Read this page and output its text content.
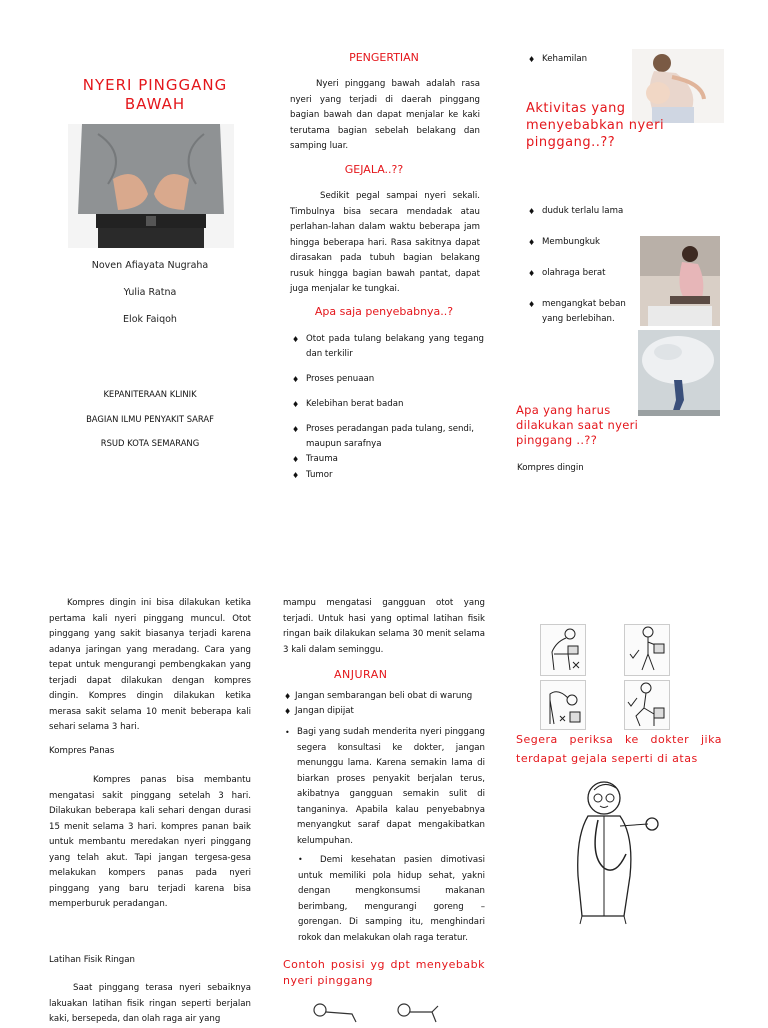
NYERI PINGGANG BAWAH
Noven Afiayata Nugraha
Yulia Ratna
Elok Faiqoh
KEPANITERAAN KLINIK
BAGIAN ILMU PENYAKIT SARAF
RSUD KOTA SEMARANG
PENGERTIAN

Nyeri pinggang bawah adalah rasa nyeri yang terjadi di daerah pinggang bagian bawah dan dapat menjalar ke kaki terutama bagian sebelah belakang dan samping luar.

GEJALA..??

Sedikit pegal sampai nyeri sekali. Timbulnya bisa secara mendadak atau perlahan-lahan dalam waktu beberapa jam hingga beberapa hari. Rasa sakitnya dapat dirasakan pada tubuh bagian belakang rusuk hingga bagian bawah pantat, dapat juga menjalar ke tungkai.

Apa saja penyebabnya..?
♦ Otot pada tulang belakang yang tegang dan terkilir
♦ Proses penuaan
♦ Kelebihan berat badan
♦ Proses peradangan pada tulang, sendi, maupun sarafnya
♦ Trauma
♦ Tumor
♦ Kehamilan
Aktivitas yang menyebabkan nyeri pinggang..??
♦ duduk terlalu lama
♦ Membungkuk
♦ olahraga berat
♦ mengangkat beban yang berlebihan.
Apa yang harus dilakukan saat nyeri pinggang ..??
Kompres dingin

Kompres dingin ini bisa dilakukan ketika pertama kali nyeri pinggang muncul. Otot pinggang yang sakit biasanya terjadi karena adanya jaringan yang meradang. Cara yang tepat untuk mengurangi pembengkakan yang terjadi dapat dilakukan dengan kompres dingin. Kompres dingin dilakukan ketika merasa sakit selama 10 menit beberapa kali sehari selama 3 hari.

Kompres Panas

Kompres panas bisa membantu mengatasi sakit pinggang setelah 3 hari. Dilakukan beberapa kali sehari dengan durasi 15 menit selama 3 hari. kompres panan baik untuk membantu meredakan nyeri pinggang yang telah akut. Tapi jangan tergesa-gesa melakukan kompers panas pada nyeri pinggang yang baru terjadi karena bisa memperburuk peradangan.

Latihan Fisik Ringan

Saat pinggang terasa nyeri sebaiknya lakuakan latihan fisik ringan seperti berjalan kaki, bersepeda, dan olah raga air yang

mampu mengatasi gangguan otot yang terjadi. Untuk hasi yang optimal latihan fisik ringan baik dilakukan selama 30 menit selama 3 kali dalam seminggu.

ANJURAN
♦ Jangan sembarangan beli obat di warung
♦ Jangan dipijat
• Bagi yang sudah menderita nyeri pinggang segera konsultasi ke dokter, jangan menunggu lama. Karena semakin lama di biarkan proses penyakit berjalan terus, akibatnya gangguan semakin sulit di tanganinya. Apabila kalau penyebabnya menyangkut saraf dapat mengakibatkan kelumpuhan.

•	Demi kesehatan pasien dimotivasi untuk memiliki pola hidup sehat, yakni dengan mengkonsumsi makanan berimbang, mengurangi goreng – gorengan. Di samping itu, menghindari rokok dan melakukan olah raga teratur.

Contoh posisi yg dpt menyebabk nyeri pinggang
Segera periksa ke dokter jika terdapat gejala seperti di atas
